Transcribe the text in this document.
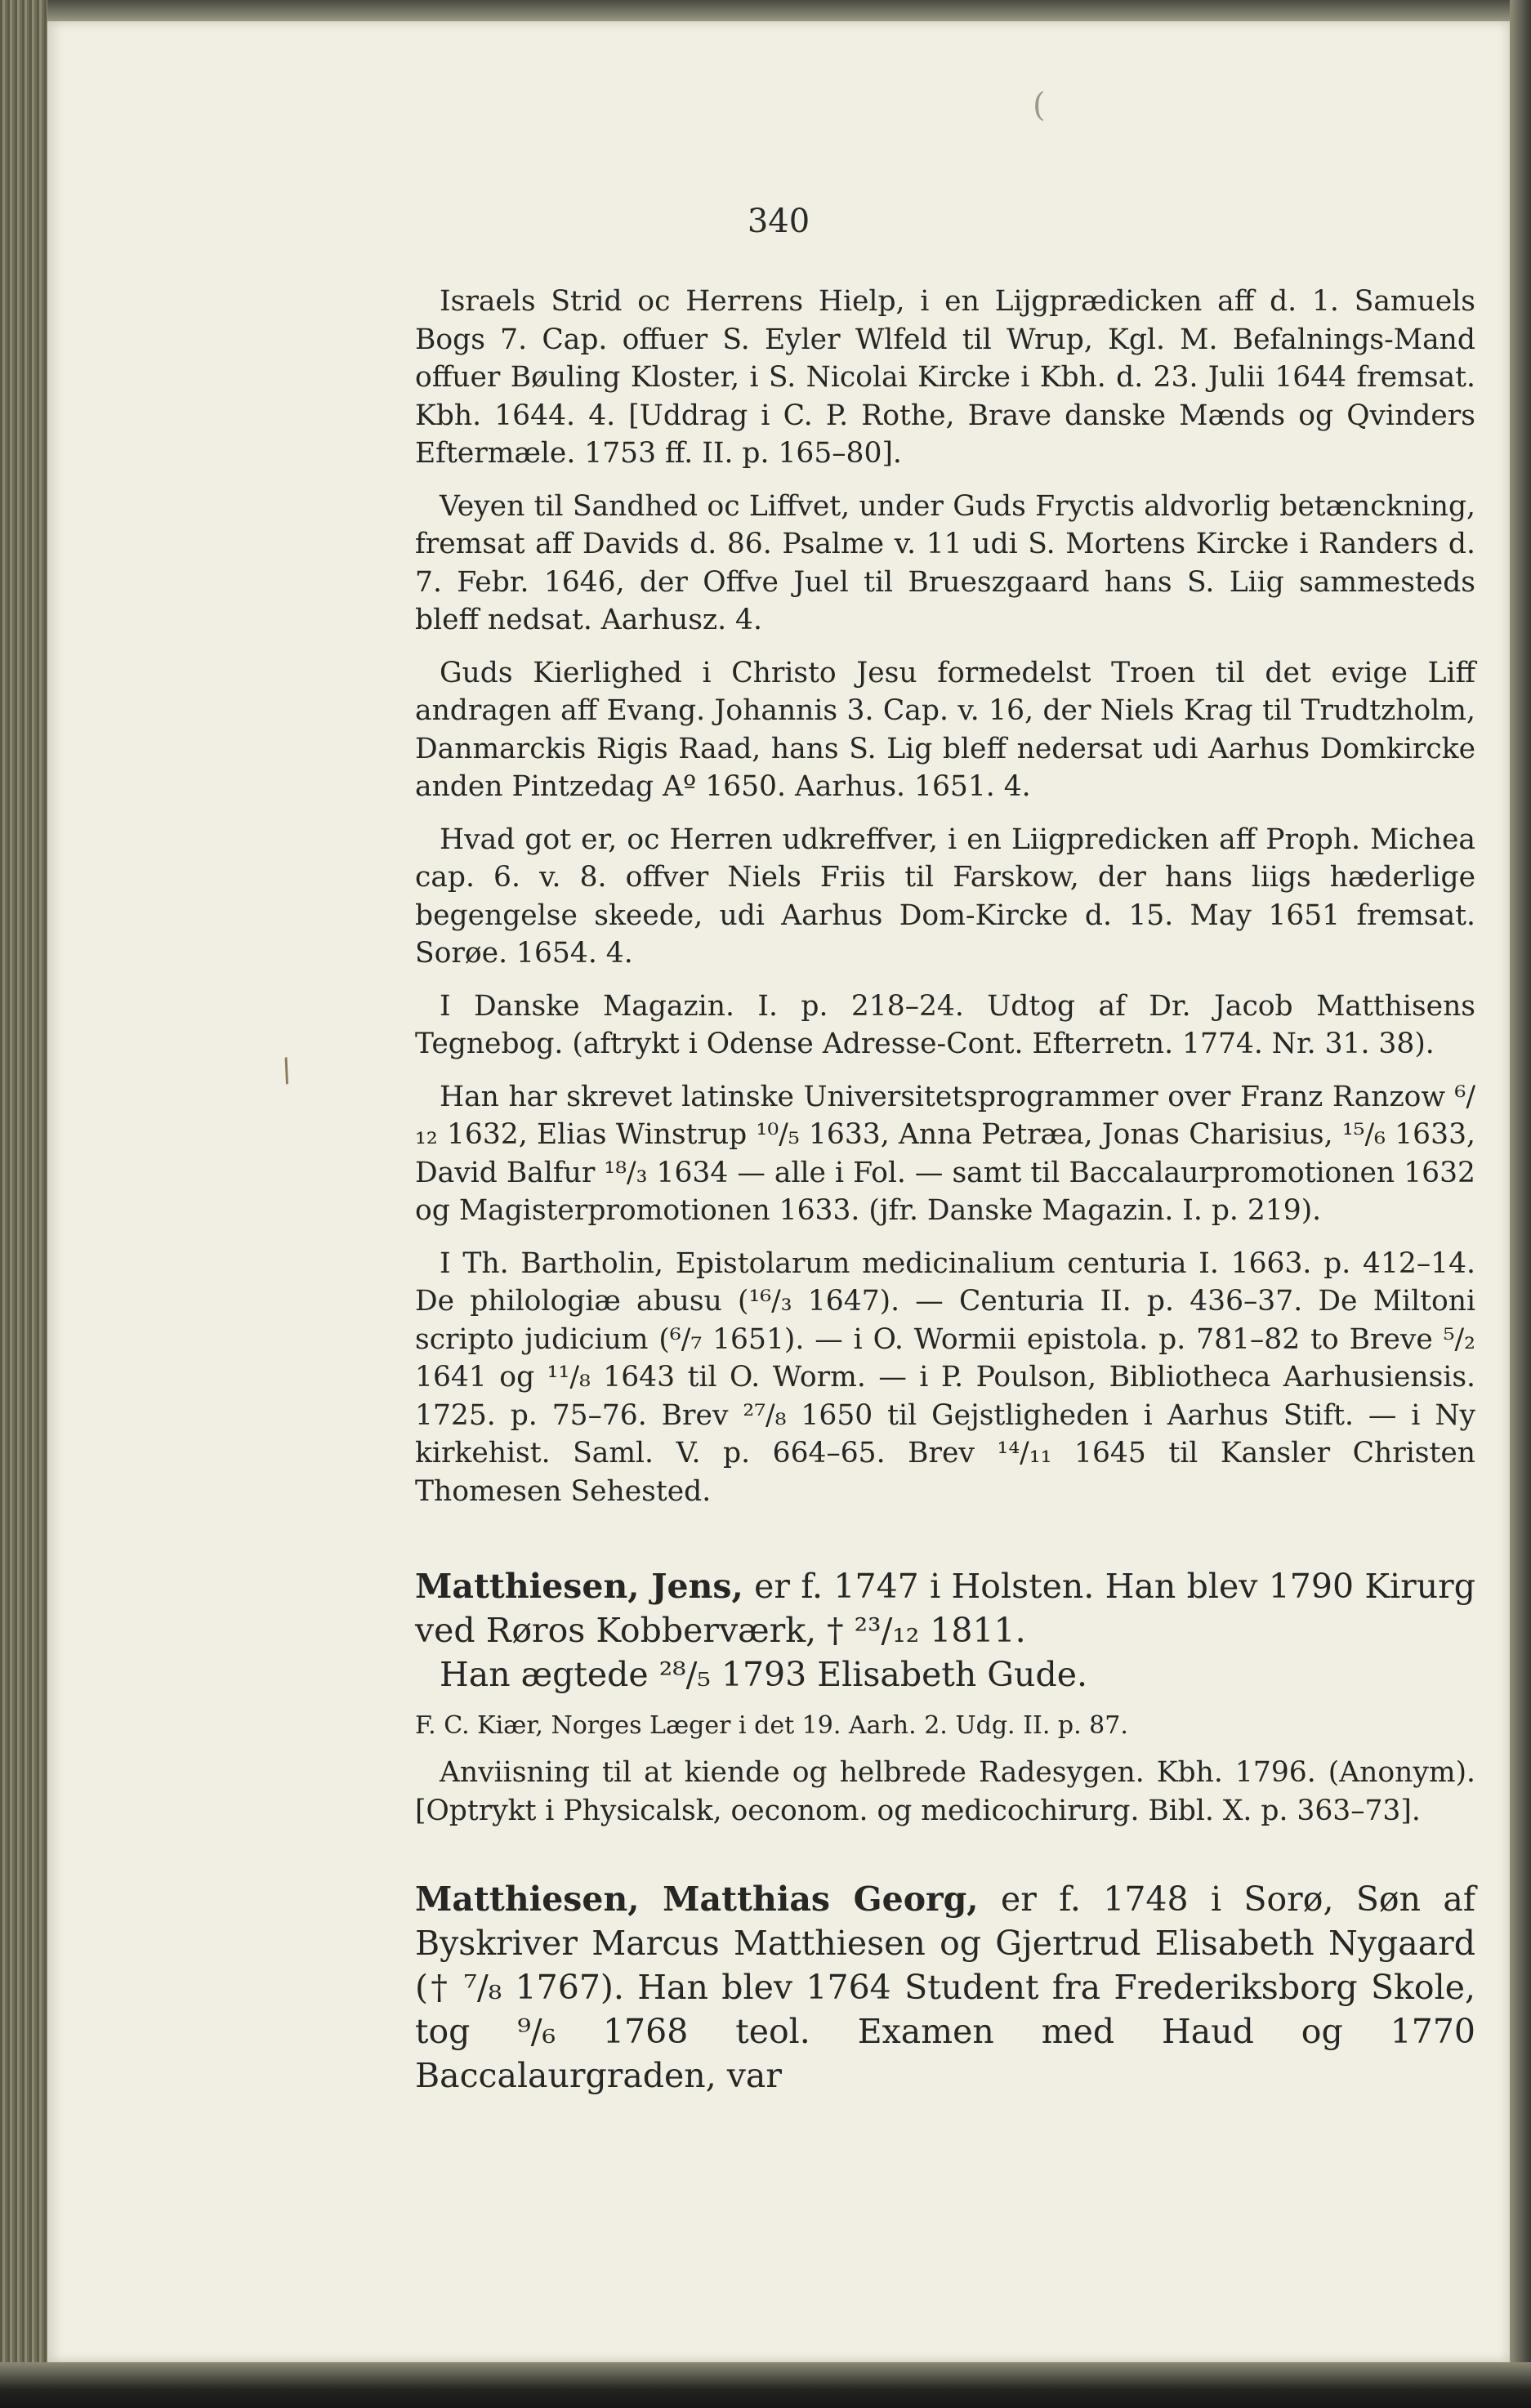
(
/
340

Israels Strid oc Herrens Hielp, i en Lijgprædicken aff d. 1. Samuels Bogs 7. Cap. offuer S. Eyler Wlfeld til Wrup, Kgl. M. Befalnings-Mand offuer Bøuling Kloster, i S. Nicolai Kircke i Kbh. d. 23. Julii 1644 fremsat. Kbh. 1644. 4. [Uddrag i C. P. Rothe, Brave danske Mænds og Qvinders Eftermæle. 1753 ff. II. p. 165–80].

Veyen til Sandhed oc Liffvet, under Guds Fryctis aldvorlig betænckning, fremsat aff Davids d. 86. Psalme v. 11 udi S. Mortens Kircke i Randers d. 7. Febr. 1646, der Offve Juel til Brueszgaard hans S. Liig sammesteds bleff nedsat. Aarhusz. 4.

Guds Kierlighed i Christo Jesu formedelst Troen til det evige Liff andragen aff Evang. Johannis 3. Cap. v. 16, der Niels Krag til Trudtzholm, Danmarckis Rigis Raad, hans S. Lig bleff nedersat udi Aarhus Domkircke anden Pintzedag Aº 1650. Aarhus. 1651. 4.

Hvad got er, oc Herren udkreffver, i en Liigpredicken aff Proph. Michea cap. 6. v. 8. offver Niels Friis til Farskow, der hans liigs hæderlige begengelse skeede, udi Aarhus Dom-Kircke d. 15. May 1651 fremsat. Sorøe. 1654. 4.

I Danske Magazin. I. p. 218–24. Udtog af Dr. Jacob Matthisens Tegnebog. (aftrykt i Odense Adresse-Cont. Efterretn. 1774. Nr. 31. 38).

Han har skrevet latinske Universitetsprogrammer over Franz Ranzow ⁶/₁₂ 1632, Elias Winstrup ¹⁰/₅ 1633, Anna Petræa, Jonas Charisius, ¹⁵/₆ 1633, David Balfur ¹⁸/₃ 1634 — alle i Fol. — samt til Baccalaurpromotionen 1632 og Magisterpromotionen 1633. (jfr. Danske Magazin. I. p. 219).

I Th. Bartholin, Epistolarum medicinalium centuria I. 1663. p. 412–14. De philologiæ abusu (¹⁶/₃ 1647). — Centuria II. p. 436–37. De Miltoni scripto judicium (⁶/₇ 1651). — i O. Wormii epistola. p. 781–82 to Breve ⁵/₂ 1641 og ¹¹/₈ 1643 til O. Worm. — i P. Poulson, Bibliotheca Aarhusiensis. 1725. p. 75–76. Brev ²⁷/₈ 1650 til Gejstligheden i Aarhus Stift. — i Ny kirkehist. Saml. V. p. 664–65. Brev ¹⁴/₁₁ 1645 til Kansler Christen Thomesen Sehested.

Matthiesen, Jens, er f. 1747 i Holsten. Han blev 1790 Kirurg ved Røros Kobberværk, † ²³/₁₂ 1811.

Han ægtede ²⁸/₅ 1793 Elisabeth Gude.

F. C. Kiær, Norges Læger i det 19. Aarh. 2. Udg. II. p. 87.

Anviisning til at kiende og helbrede Radesygen. Kbh. 1796. (Anonym). [Optrykt i Physicalsk, oeconom. og medicochirurg. Bibl. X. p. 363–73].

Matthiesen, Matthias Georg, er f. 1748 i Sorø, Søn af Byskriver Marcus Matthiesen og Gjertrud Elisabeth Nygaard († ⁷/₈ 1767). Han blev 1764 Student fra Frederiksborg Skole, tog ⁹/₆ 1768 teol. Examen med Haud og 1770 Baccalaurgraden, var
